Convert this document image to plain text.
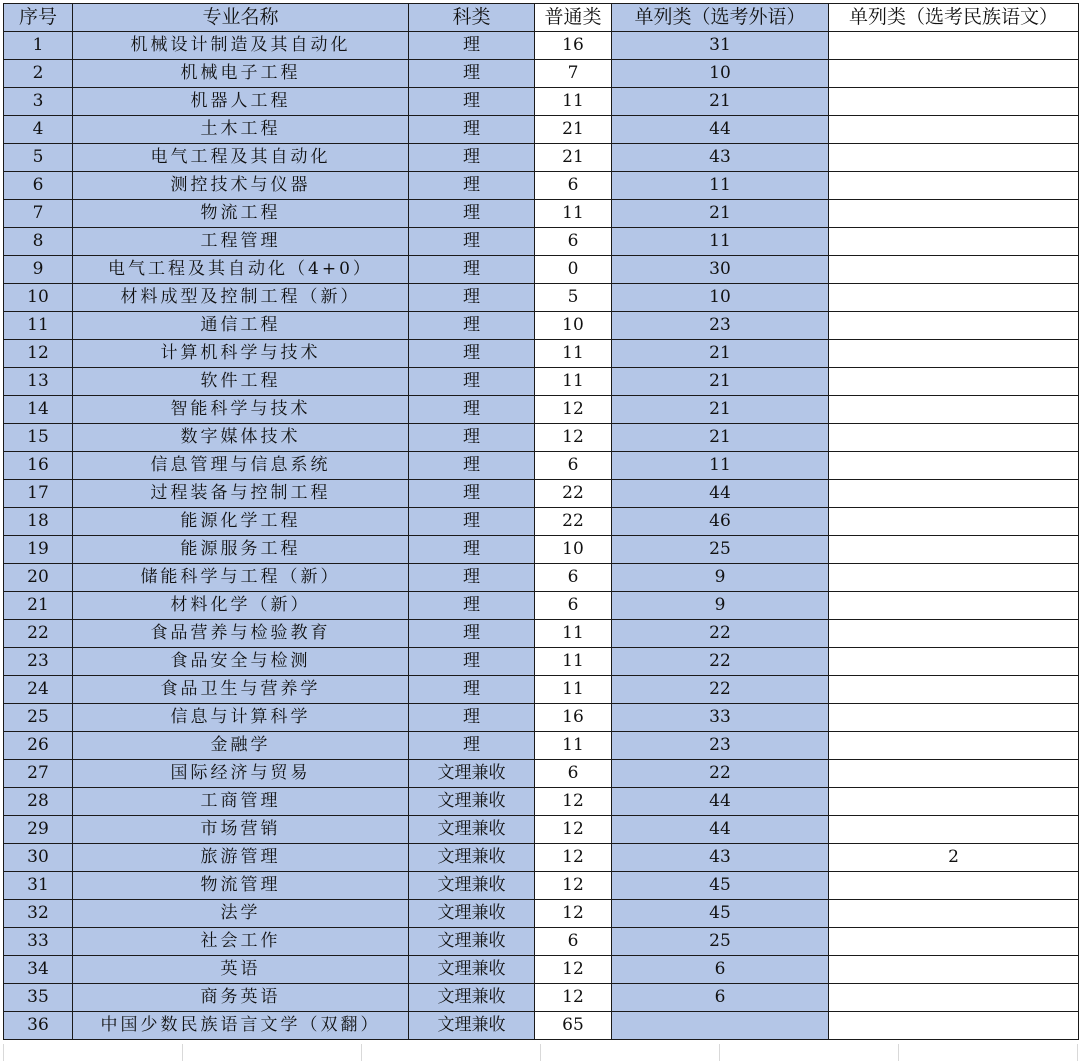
序号	专业名称	科类	普通类	单列类（选考外语）	单列类（选考民族语文）
1	机械设计制造及其自动化	理	16	31	
2	机械电子工程	理	7	10	
3	机器人工程	理	11	21	
4	土木工程	理	21	44	
5	电气工程及其自动化	理	21	43	
6	测控技术与仪器	理	6	11	
7	物流工程	理	11	21	
8	工程管理	理	6	11	
9	电气工程及其自动化（4+0）	理	0	30	
10	材料成型及控制工程（新）	理	5	10	
11	通信工程	理	10	23	
12	计算机科学与技术	理	11	21	
13	软件工程	理	11	21	
14	智能科学与技术	理	12	21	
15	数字媒体技术	理	12	21	
16	信息管理与信息系统	理	6	11	
17	过程装备与控制工程	理	22	44	
18	能源化学工程	理	22	46	
19	能源服务工程	理	10	25	
20	储能科学与工程（新）	理	6	9	
21	材料化学（新）	理	6	9	
22	食品营养与检验教育	理	11	22	
23	食品安全与检测	理	11	22	
24	食品卫生与营养学	理	11	22	
25	信息与计算科学	理	16	33	
26	金融学	理	11	23	
27	国际经济与贸易	文理兼收	6	22	
28	工商管理	文理兼收	12	44	
29	市场营销	文理兼收	12	44	
30	旅游管理	文理兼收	12	43	2
31	物流管理	文理兼收	12	45	
32	法学	文理兼收	12	45	
33	社会工作	文理兼收	6	25	
34	英语	文理兼收	12	6	
35	商务英语	文理兼收	12	6	
36	中国少数民族语言文学（双翻）	文理兼收	65		
